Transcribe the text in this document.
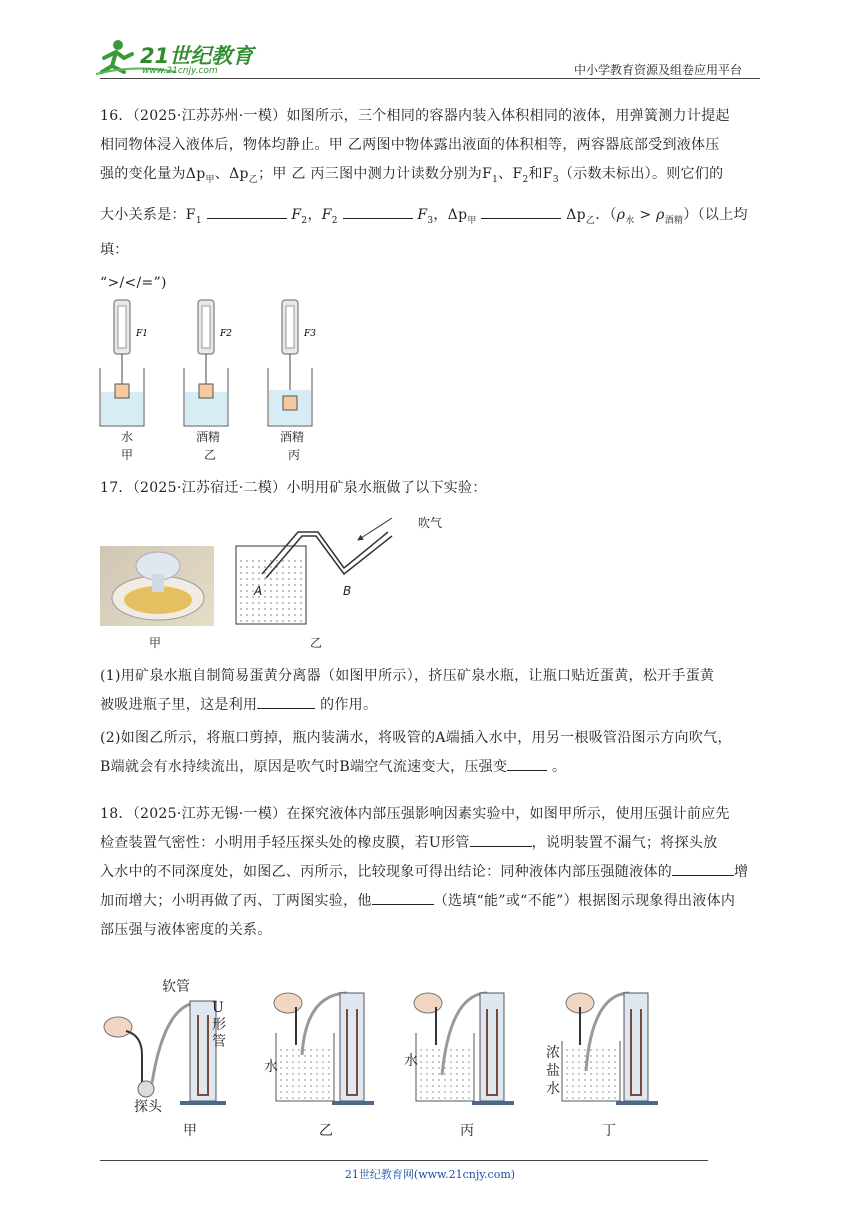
21世纪教育
www.21cnjy.com	中小学教育资源及组卷应用平台
16．（2025·江苏苏州·一模）如图所示，三个相同的容器内装入体积相同的液体，用弹簧测力计提起
相同物体浸入液体后，物体均静止。甲 乙两图中物体露出液面的体积相等，两容器底部受到液体压
强的变化量为$\Delta p_甲$、$\Delta p_乙$；甲 乙 丙三图中测力计读数分别为$F_1$、$F_2$和$F_3$（示数未标出）。则它们的
大小关系是：$F_1$	$F_2$，$F_2$	$F_3$，$\Delta p_甲$	$\Delta p_乙$．$(\rho_水 > \rho_{酒精})$（以上均填：
“>/</=”)
F1	F2	F3
水	酒精	酒精
甲	乙	丙
17．（2025·江苏宿迁·二模）小明用矿泉水瓶做了以下实验：
甲
吹气
A	B
乙
(1)用矿泉水瓶自制简易蛋黄分离器（如图甲所示），挤压矿泉水瓶，让瓶口贴近蛋黄，松开手蛋黄
被吸进瓶子里，这是利用	的作用。
(2)如图乙所示，将瓶口剪掉，瓶内装满水，将吸管的A端插入水中，用另一根吸管沿图示方向吹气，
B端就会有水持续流出，原因是吹气时B端空气流速变大，压强变	。
18．（2025·江苏无锡·一模）在探究液体内部压强影响因素实验中，如图甲所示，使用压强计前应先
检查装置气密性：小明用手轻压探头处的橡皮膜，若U形管	，说明装置不漏气；将探头放
入水中的不同深度处，如图乙、丙所示，比较现象可得出结论：同种液体内部压强随液体的	增
加而增大；小明再做了丙、丁两图实验，他	（选填“能”或“不能”）根据图示现象得出液体内
部压强与液体密度的关系。
软管
U形管
探头
水	水	浓盐水
甲	乙	丙	丁
21世纪教育网(www.21cnjy.com)
